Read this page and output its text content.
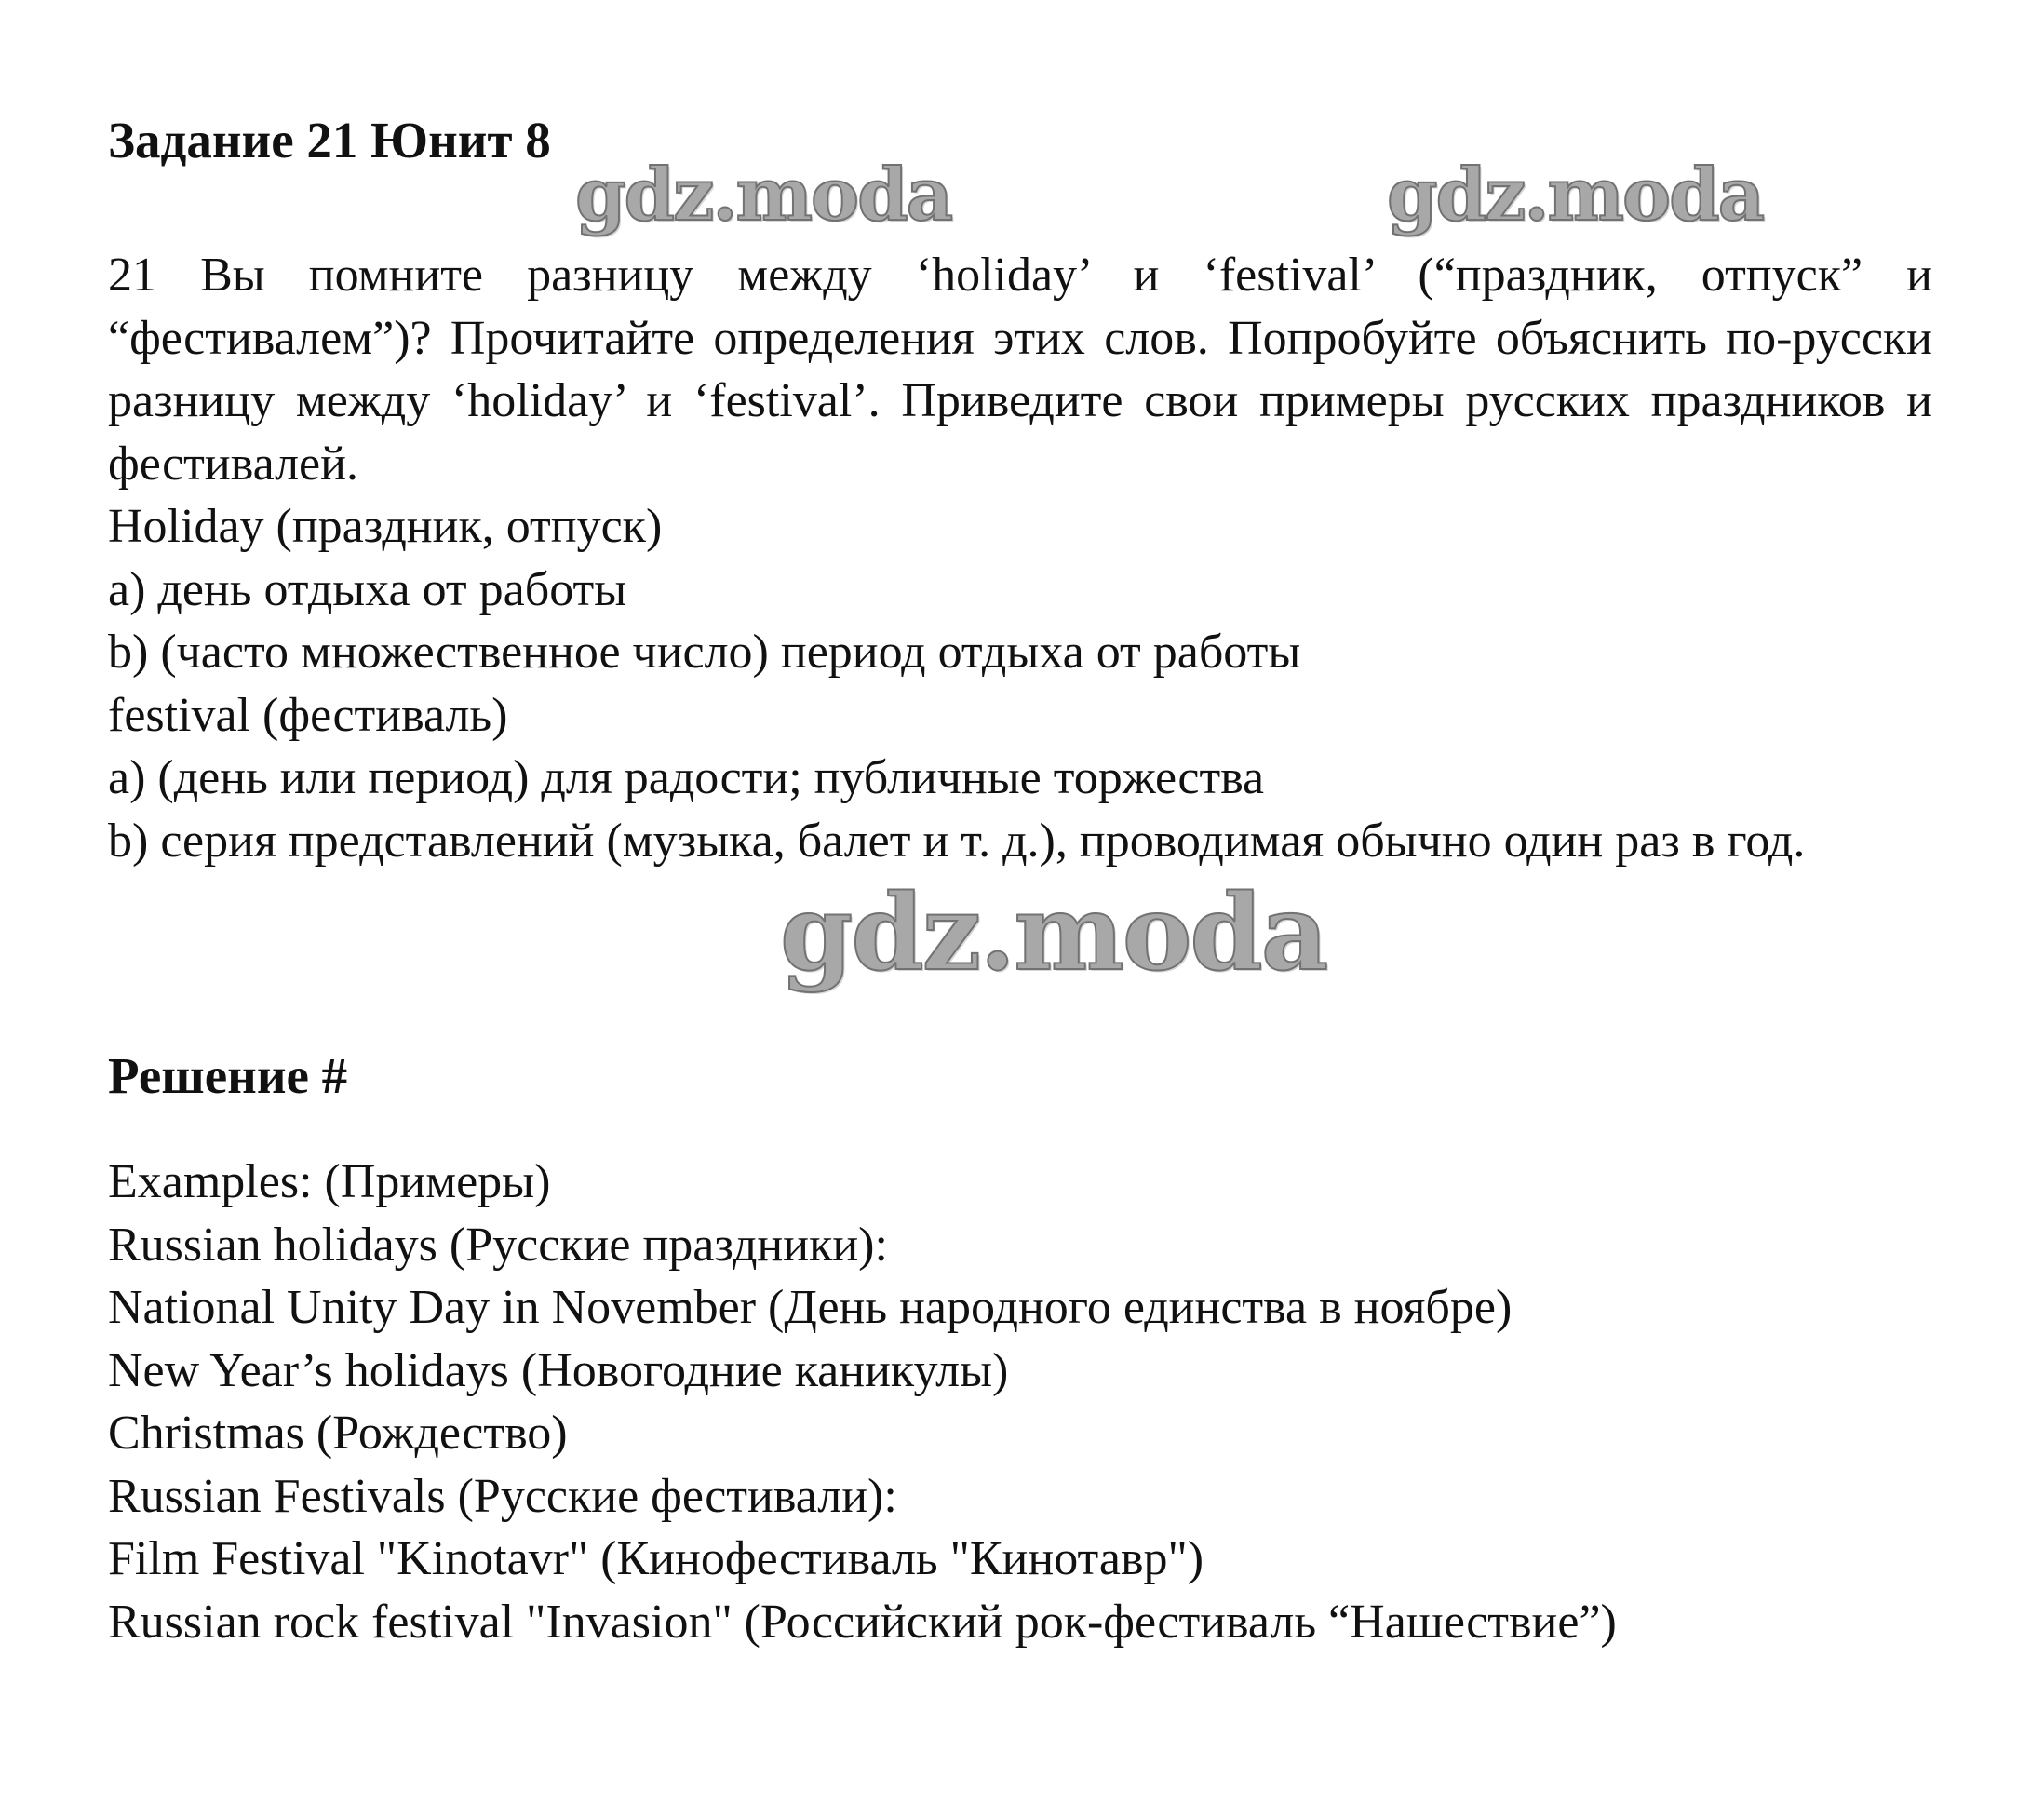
Задание 21 Юнит 8
gdz.moda	gdz.moda
21 Вы помните разницу между ‘holiday’ и ‘festival’ (“праздник, отпуск” и “фестивалем”)? Прочитайте определения этих слов. Попробуйте объяснить по-русски разницу между ‘holiday’ и ‘festival’. Приведите свои примеры русских праздников и фестивалей.
Holiday (праздник, отпуск)
a) день отдыха от работы
b) (часто множественное число) период отдыха от работы
festival (фестиваль)
a) (день или период) для радости; публичные торжества
b) серия представлений (музыка, балет и т. д.), проводимая обычно один раз в год.
gdz.moda
Решение #
Examples: (Примеры)
Russian holidays (Русские праздники):
National Unity Day in November (День народного единства в ноябре)
New Year’s holidays (Новогодние каникулы)
Christmas (Рождество)
Russian Festivals (Русские фестивали):
Film Festival "Kinotavr" (Кинофестиваль "Кинотавр")
Russian rock festival "Invasion" (Российский рок-фестиваль “Нашествие”)
